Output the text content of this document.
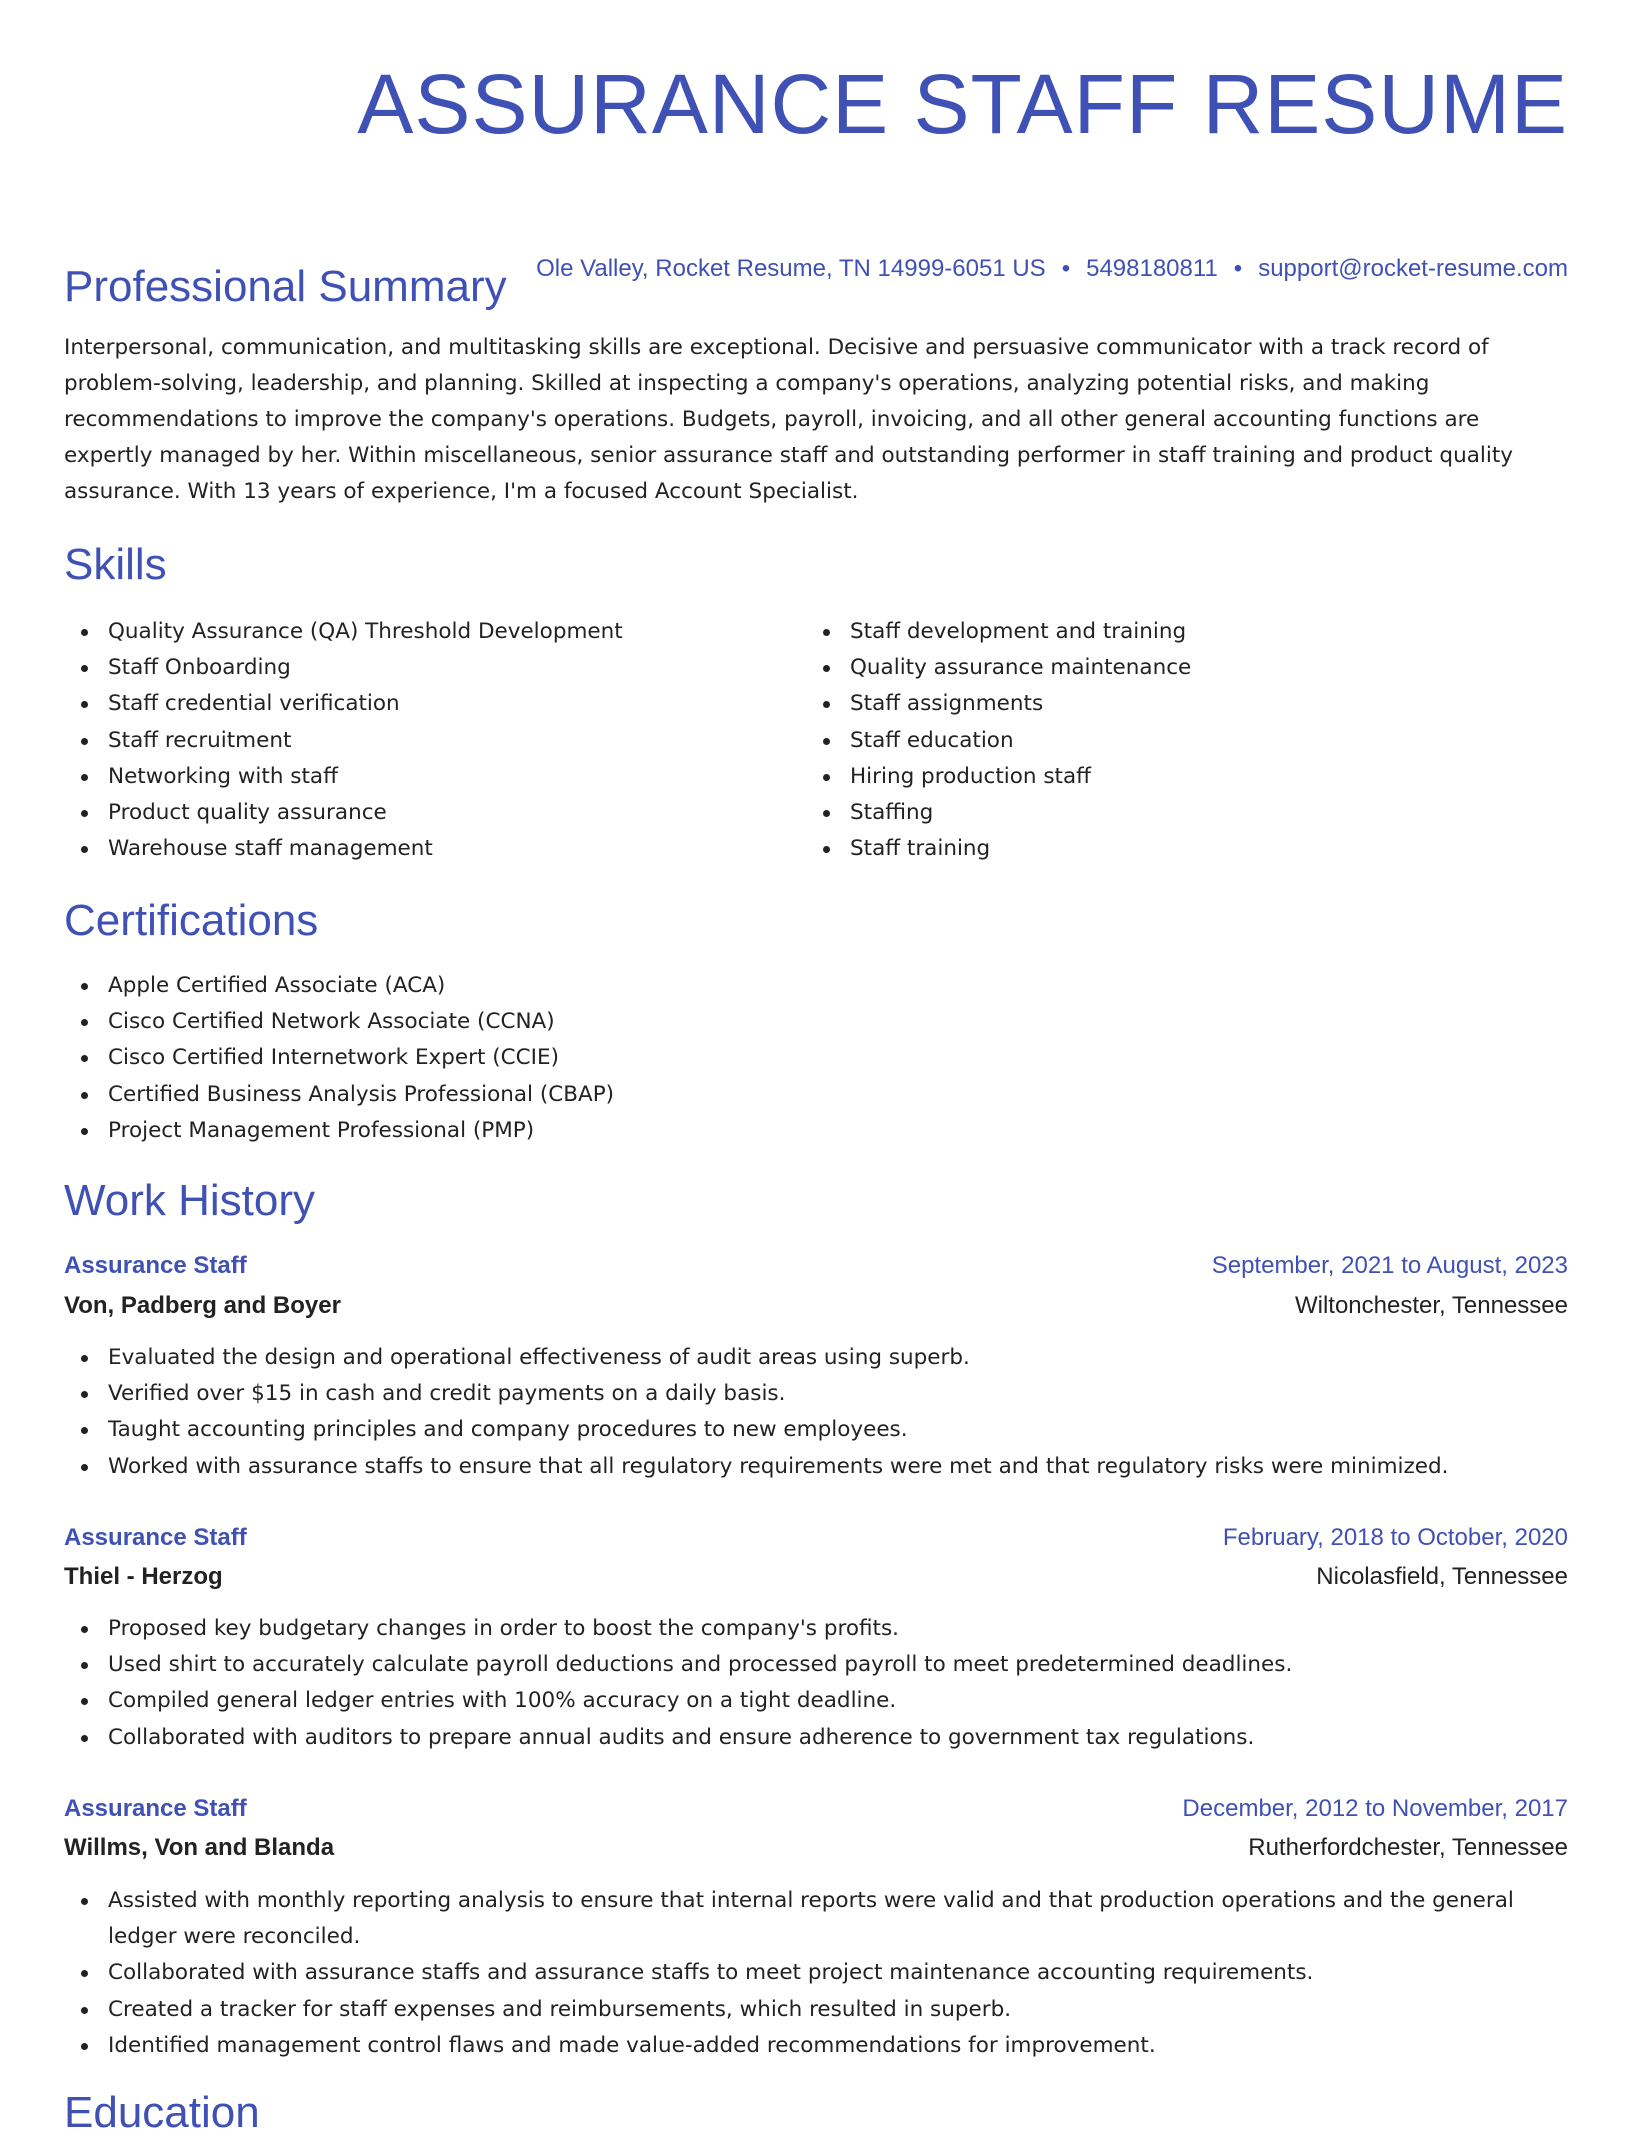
ASSURANCE STAFF RESUME
Ole Valley, Rocket Resume, TN 14999-6051 US • 5498180811 • support@rocket-resume.com
Professional Summary

Interpersonal, communication, and multitasking skills are exceptional. Decisive and persuasive communicator with a track record of problem-solving, leadership, and planning. Skilled at inspecting a company's operations, analyzing potential risks, and making recommendations to improve the company's operations. Budgets, payroll, invoicing, and all other general accounting functions are expertly managed by her. Within miscellaneous, senior assurance staff and outstanding performer in staff training and product quality assurance. With 13 years of experience, I'm a focused Account Specialist.

Skills
Quality Assurance (QA) Threshold Development
Staff Onboarding
Staff credential verification
Staff recruitment
Networking with staff
Product quality assurance
Warehouse staff management
Staff development and training
Quality assurance maintenance
Staff assignments
Staff education
Hiring production staff
Staffing
Staff training
Certifications
Apple Certified Associate (ACA)
Cisco Certified Network Associate (CCNA)
Cisco Certified Internetwork Expert (CCIE)
Certified Business Analysis Professional (CBAP)
Project Management Professional (PMP)
Work History
Assurance Staff	September, 2021 to August, 2023
Von, Padberg and Boyer	Wiltonchester, Tennessee
Evaluated the design and operational effectiveness of audit areas using superb.
Verified over $15 in cash and credit payments on a daily basis.
Taught accounting principles and company procedures to new employees.
Worked with assurance staffs to ensure that all regulatory requirements were met and that regulatory risks were minimized.
Assurance Staff	February, 2018 to October, 2020
Thiel - Herzog	Nicolasfield, Tennessee
Proposed key budgetary changes in order to boost the company's profits.
Used shirt to accurately calculate payroll deductions and processed payroll to meet predetermined deadlines.
Compiled general ledger entries with 100% accuracy on a tight deadline.
Collaborated with auditors to prepare annual audits and ensure adherence to government tax regulations.
Assurance Staff	December, 2012 to November, 2017
Willms, Von and Blanda	Rutherfordchester, Tennessee
Assisted with monthly reporting analysis to ensure that internal reports were valid and that production operations and the general ledger were reconciled.
Collaborated with assurance staffs and assurance staffs to meet project maintenance accounting requirements.
Created a tracker for staff expenses and reimbursements, which resulted in superb.
Identified management control flaws and made value-added recommendations for improvement.
Education
